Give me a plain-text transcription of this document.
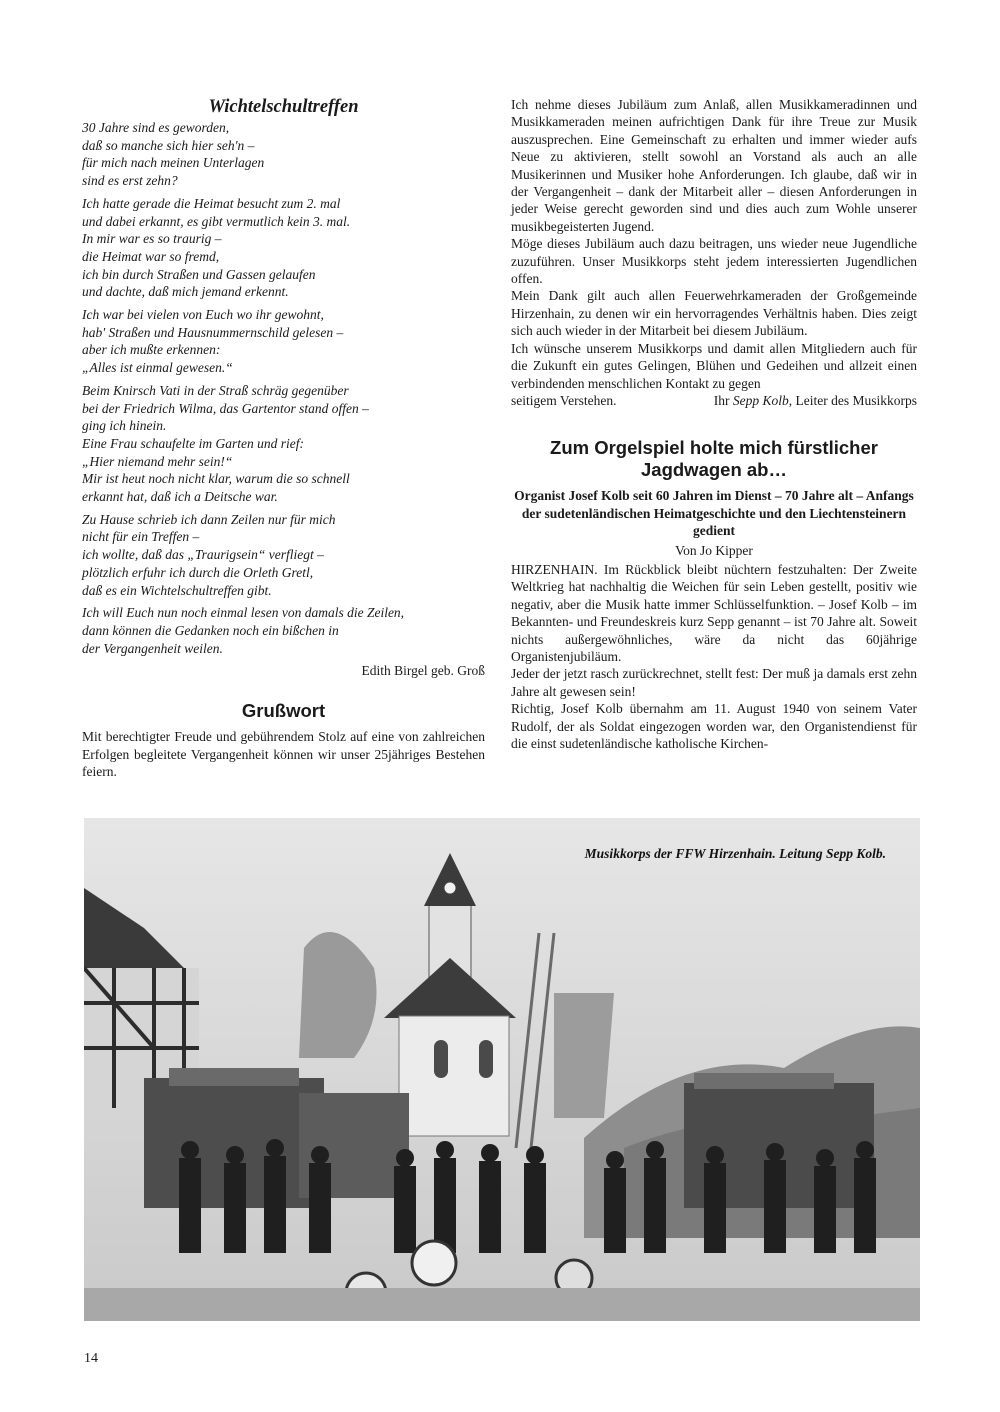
Wichtelschultreffen
30 Jahre sind es geworden,
daß so manche sich hier seh'n –
für mich nach meinen Unterlagen
sind es erst zehn?
Ich hatte gerade die Heimat besucht zum 2. mal
und dabei erkannt, es gibt vermutlich kein 3. mal.
In mir war es so traurig –
die Heimat war so fremd,
ich bin durch Straßen und Gassen gelaufen
und dachte, daß mich jemand erkennt.
Ich war bei vielen von Euch wo ihr gewohnt,
hab' Straßen und Hausnummernschild gelesen –
aber ich mußte erkennen:
„Alles ist einmal gewesen.“
Beim Knirsch Vati in der Straß schräg gegenüber
bei der Friedrich Wilma, das Gartentor stand offen –
ging ich hinein.
Eine Frau schaufelte im Garten und rief:
„Hier niemand mehr sein!“
Mir ist heut noch nicht klar, warum die so schnell
erkannt hat, daß ich a Deitsche war.
Zu Hause schrieb ich dann Zeilen nur für mich
nicht für ein Treffen –
ich wollte, daß das „Traurigsein“ verfliegt –
plötzlich erfuhr ich durch die Orleth Gretl,
daß es ein Wichtelschultreffen gibt.
Ich will Euch nun noch einmal lesen von damals die Zeilen,
dann können die Gedanken noch ein bißchen in
der Vergangenheit weilen.
Edith Birgel geb. Groß
Grußwort

Mit berechtigter Freude und gebührendem Stolz auf eine von zahlreichen Erfolgen begleitete Vergangenheit können wir unser 25jähriges Bestehen feiern.

Ich nehme dieses Jubiläum zum Anlaß, allen Musikkameradinnen und Musikkameraden meinen aufrichtigen Dank für ihre Treue zur Musik auszusprechen. Eine Gemeinschaft zu erhalten und immer wieder aufs Neue zu aktivieren, stellt sowohl an Vorstand als auch an alle Musikerinnen und Musiker hohe Anforderungen. Ich glaube, daß wir in der Vergangenheit – dank der Mitarbeit aller – diesen Anforderungen in jeder Weise gerecht geworden sind und dies auch zum Wohle unserer musikbegeisterten Jugend.

Möge dieses Jubiläum auch dazu beitragen, uns wieder neue Jugendliche zuzuführen. Unser Musikkorps steht jedem interessierten Jugendlichen offen.

Mein Dank gilt auch allen Feuerwehrkameraden der Großgemeinde Hirzenhain, zu denen wir ein hervorragendes Verhältnis haben. Dies zeigt sich auch wieder in der Mitarbeit bei diesem Jubiläum.

Ich wünsche unserem Musikkorps und damit allen Mitgliedern auch für die Zukunft ein gutes Gelingen, Blühen und Gedeihen und allzeit einen verbindenden menschlichen Kontakt zu gegen

seitigem Verstehen.	Ihr Sepp Kolb, Leiter des Musikkorps
Zum Orgelspiel holte mich fürstlicher Jagdwagen ab…

Organist Josef Kolb seit 60 Jahren im Dienst – 70 Jahre alt – Anfangs der sudetenländischen Heimatgeschichte und den Liechtensteinern gedient

Von Jo Kipper

HIRZENHAIN. Im Rückblick bleibt nüchtern festzuhalten: Der Zweite Weltkrieg hat nachhaltig die Weichen für sein Leben gestellt, positiv wie negativ, aber die Musik hatte immer Schlüsselfunktion. – Josef Kolb – im Bekannten- und Freundeskreis kurz Sepp genannt – ist 70 Jahre alt. Soweit nichts außergewöhnliches, wäre da nicht das 60jährige Organistenjubiläum.

Jeder der jetzt rasch zurückrechnet, stellt fest: Der muß ja damals erst zehn Jahre alt gewesen sein!

Richtig, Josef Kolb übernahm am 11. August 1940 von seinem Vater Rudolf, der als Soldat eingezogen worden war, den Organistendienst für die einst sudetenländische katholische Kirchen-

Musikkorps der FFW Hirzenhain. Leitung Sepp Kolb.
14
